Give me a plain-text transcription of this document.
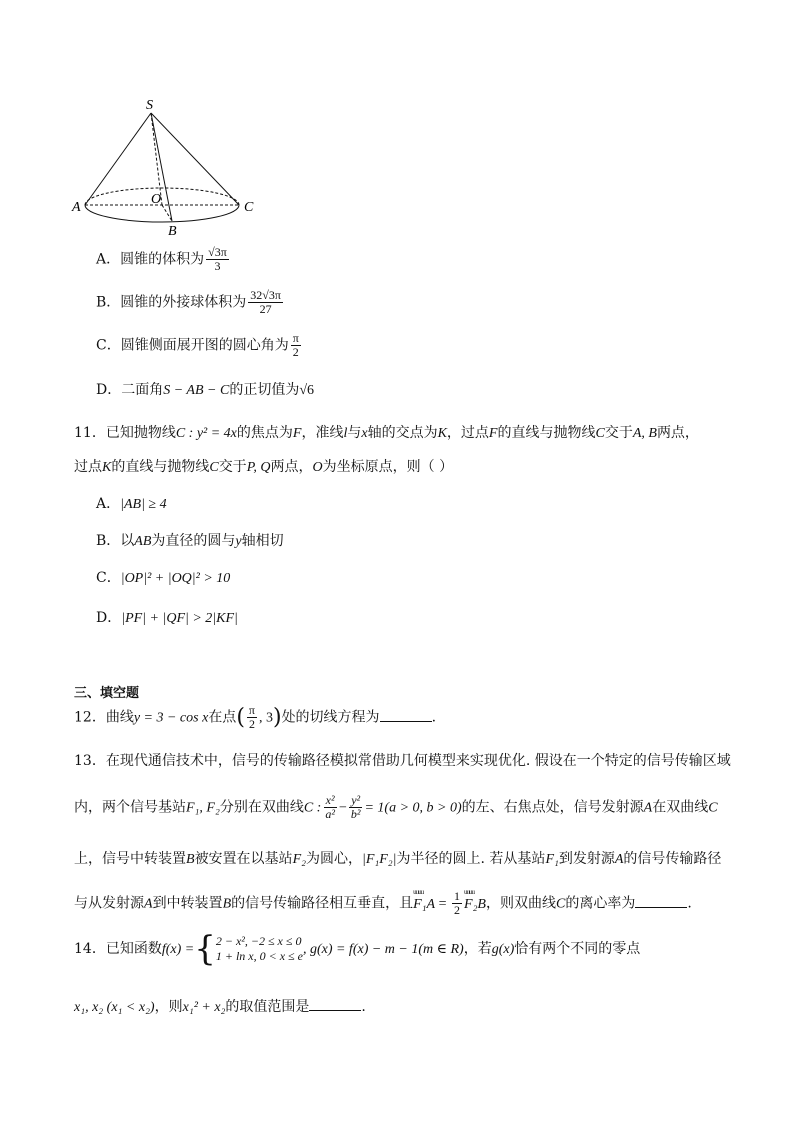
S
A
O
B
C
A．圆锥的体积为 $\frac{√3\pi}{3}$
B．圆锥的外接球体积为 $\frac{32√3\pi}{27}$
C．圆锥侧面展开图的圆心角为 $\frac{\pi}{2}$
D．二面角S − AB − C的正切值为√6
11．已知抛物线C : y² = 4x的焦点为F，准线l与x轴的交点为K，过点F的直线与抛物线C交于A, B两点，
过点K的直线与抛物线C交于P, Q两点，O为坐标原点，则（ ）
A．|AB| ≥ 4
B．以AB为直径的圆与y轴相切
C．|OP|² + |OQ|² > 10
D．|PF| + |QF| > 2|KF|
三、填空题
12．曲线y = 3 − cos x在点( $\frac{\pi}{2}$ , 3)处的切线方程为	.
13．在现代通信技术中，信号的传输路径模拟常借助几何模型来实现优化. 假设在一个特定的信号传输区域
内，两个信号基站F₁, F₂分别在双曲线C : $\frac{\text{x²}}{\text{a²}} - \frac{\text{y²}}{\text{b²}} = 1(a > 0$, b > 0)的左、右焦点处，信号发射源A在双曲线C
上，信号中转装置B被安置在以基站F₂为圆心，|F₁F₂|为半径的圆上. 若从基站F₁到发射源A的信号传输路径
与从发射源A到中转装置B的信号传输路径相互垂直，且uuuu $F_1A = \frac{1}{2}$
uuuu F₂B，则双曲线C的离心率为	.
14．已知函数f(x) ={ 2 − x², −2 ≤ x ≤ 0
1 + ln x, 0 < x ≤ e , g(x) = f(x) − m − 1(m ∈ R)，若g(x)恰有两个不同的零点
x₁, x₂ (x₁ < x₂)，则x₁² + x₂的取值范围是	.
